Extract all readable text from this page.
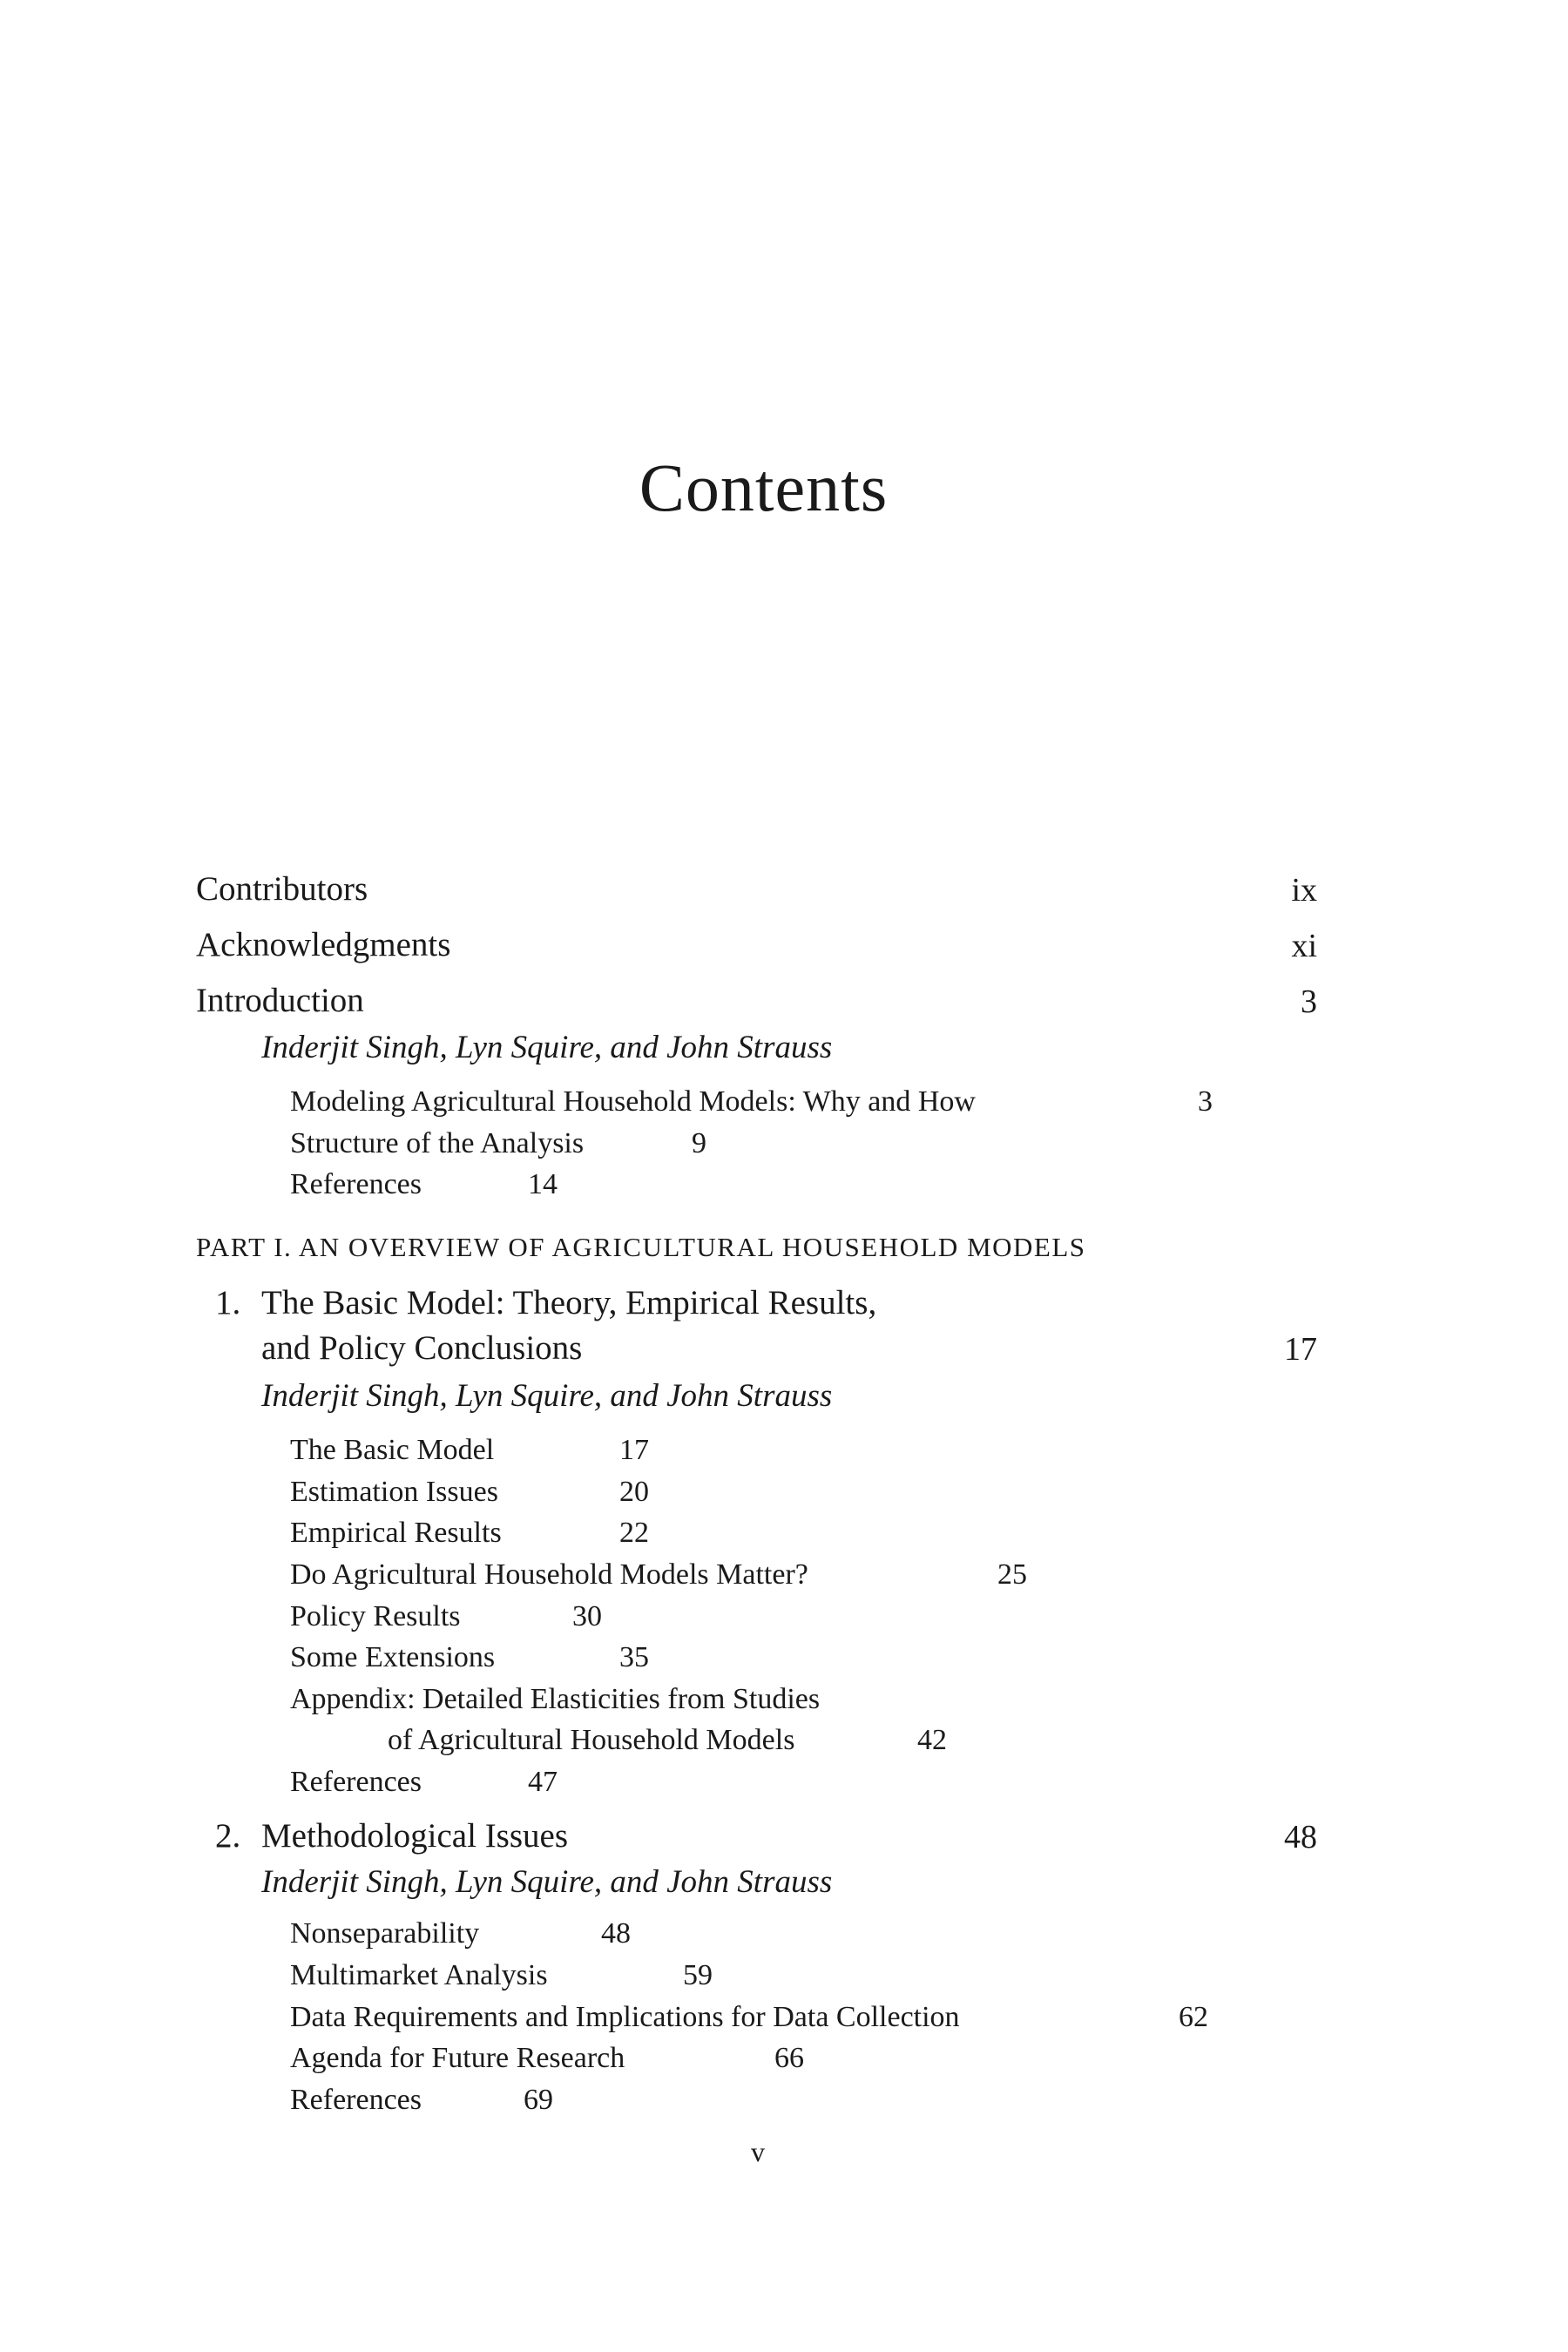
Contents
Contributors	ix
Acknowledgments	xi
Introduction	3
Inderjit Singh, Lyn Squire, and John Strauss
Modeling Agricultural Household Models: Why and How	3
Structure of the Analysis	9
References	14
PART I. AN OVERVIEW OF AGRICULTURAL HOUSEHOLD MODELS
1. The Basic Model: Theory, Empirical Results,
and Policy Conclusions	17
Inderjit Singh, Lyn Squire, and John Strauss
The Basic Model	17
Estimation Issues	20
Empirical Results	22
Do Agricultural Household Models Matter?	25
Policy Results	30
Some Extensions	35
Appendix: Detailed Elasticities from Studies
of Agricultural Household Models	42
References	47
2. Methodological Issues	48
Inderjit Singh, Lyn Squire, and John Strauss
Nonseparability	48
Multimarket Analysis	59
Data Requirements and Implications for Data Collection	62
Agenda for Future Research	66
References	69
v
